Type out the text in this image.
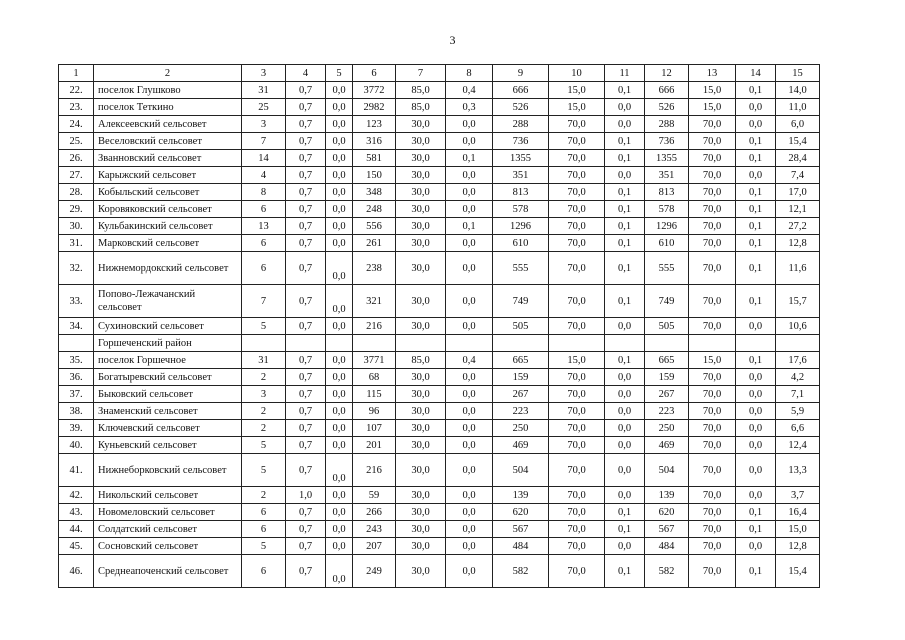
3
1	2	3	4	5	6	7	8	9	10	11	12	13	14	15
22.	поселок Глушково	31	0,7	0,0	3772	85,0	0,4	666	15,0	0,1	666	15,0	0,1	14,0
23.	поселок Теткино	25	0,7	0,0	2982	85,0	0,3	526	15,0	0,0	526	15,0	0,0	11,0
24.	Алексеевский сельсовет	3	0,7	0,0	123	30,0	0,0	288	70,0	0,0	288	70,0	0,0	6,0
25.	Веселовский сельсовет	7	0,7	0,0	316	30,0	0,0	736	70,0	0,1	736	70,0	0,1	15,4
26.	Званновский сельсовет	14	0,7	0,0	581	30,0	0,1	1355	70,0	0,1	1355	70,0	0,1	28,4
27.	Карыжский сельсовет	4	0,7	0,0	150	30,0	0,0	351	70,0	0,0	351	70,0	0,0	7,4
28.	Кобыльский сельсовет	8	0,7	0,0	348	30,0	0,0	813	70,0	0,1	813	70,0	0,1	17,0
29.	Коровяковский сельсовет	6	0,7	0,0	248	30,0	0,0	578	70,0	0,1	578	70,0	0,1	12,1
30.	Кульбакинский сельсовет	13	0,7	0,0	556	30,0	0,1	1296	70,0	0,1	1296	70,0	0,1	27,2
31.	Марковский сельсовет	6	0,7	0,0	261	30,0	0,0	610	70,0	0,1	610	70,0	0,1	12,8
32.	Нижнемордокский сельсовет	6	0,7	0,0	238	30,0	0,0	555	70,0	0,1	555	70,0	0,1	11,6
33.	Попово-Лежачанский сельсовет	7	0,7	0,0	321	30,0	0,0	749	70,0	0,1	749	70,0	0,1	15,7
34.	Сухиновский сельсовет	5	0,7	0,0	216	30,0	0,0	505	70,0	0,0	505	70,0	0,0	10,6
	Горшеченский район													
35.	поселок Горшечное	31	0,7	0,0	3771	85,0	0,4	665	15,0	0,1	665	15,0	0,1	17,6
36.	Богатыревский сельсовет	2	0,7	0,0	68	30,0	0,0	159	70,0	0,0	159	70,0	0,0	4,2
37.	Быковский сельсовет	3	0,7	0,0	115	30,0	0,0	267	70,0	0,0	267	70,0	0,0	7,1
38.	Знаменский сельсовет	2	0,7	0,0	96	30,0	0,0	223	70,0	0,0	223	70,0	0,0	5,9
39.	Ключевский сельсовет	2	0,7	0,0	107	30,0	0,0	250	70,0	0,0	250	70,0	0,0	6,6
40.	Куньевский сельсовет	5	0,7	0,0	201	30,0	0,0	469	70,0	0,0	469	70,0	0,0	12,4
41.	Нижнеборковский сельсовет	5	0,7	0,0	216	30,0	0,0	504	70,0	0,0	504	70,0	0,0	13,3
42.	Никольский сельсовет	2	1,0	0,0	59	30,0	0,0	139	70,0	0,0	139	70,0	0,0	3,7
43.	Новомеловский сельсовет	6	0,7	0,0	266	30,0	0,0	620	70,0	0,1	620	70,0	0,1	16,4
44.	Солдатский сельсовет	6	0,7	0,0	243	30,0	0,0	567	70,0	0,1	567	70,0	0,1	15,0
45.	Сосновский сельсовет	5	0,7	0,0	207	30,0	0,0	484	70,0	0,0	484	70,0	0,0	12,8
46.	Среднеапоченский сельсовет	6	0,7	0,0	249	30,0	0,0	582	70,0	0,1	582	70,0	0,1	15,4
